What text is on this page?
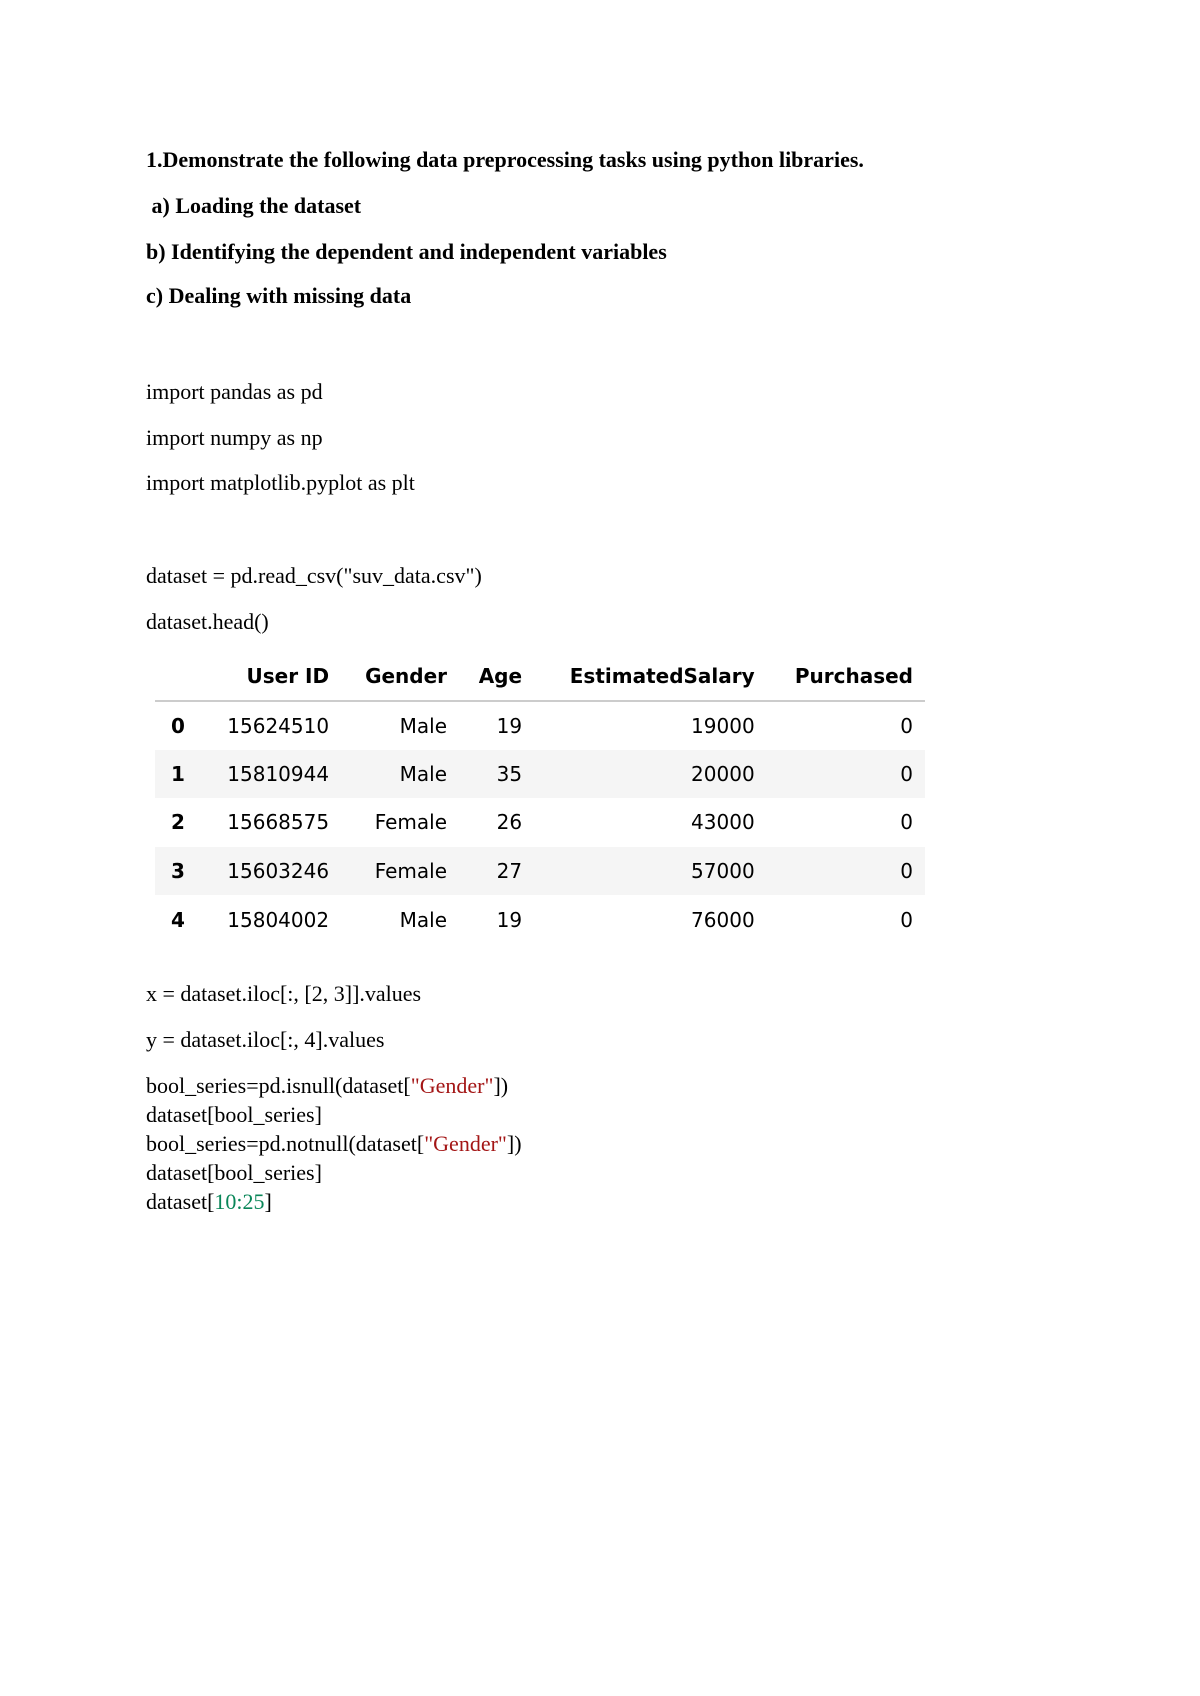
1.Demonstrate the following data preprocessing tasks using python libraries.
a) Loading the dataset
b) Identifying the dependent and independent variables
c) Dealing with missing data
import pandas as pd
import numpy as np
import matplotlib.pyplot as plt
dataset = pd.read_csv("suv_data.csv")
dataset.head()
	User ID	Gender	Age	EstimatedSalary	Purchased
0	15624510	Male	19	19000	0
1	15810944	Male	35	20000	0
2	15668575	Female	26	43000	0
3	15603246	Female	27	57000	0
4	15804002	Male	19	76000	0
x = dataset.iloc[:, [2, 3]].values
y = dataset.iloc[:, 4].values
bool_series=pd.isnull(dataset["Gender"])
dataset[bool_series]
bool_series=pd.notnull(dataset["Gender"])
dataset[bool_series]
dataset[10:25]
